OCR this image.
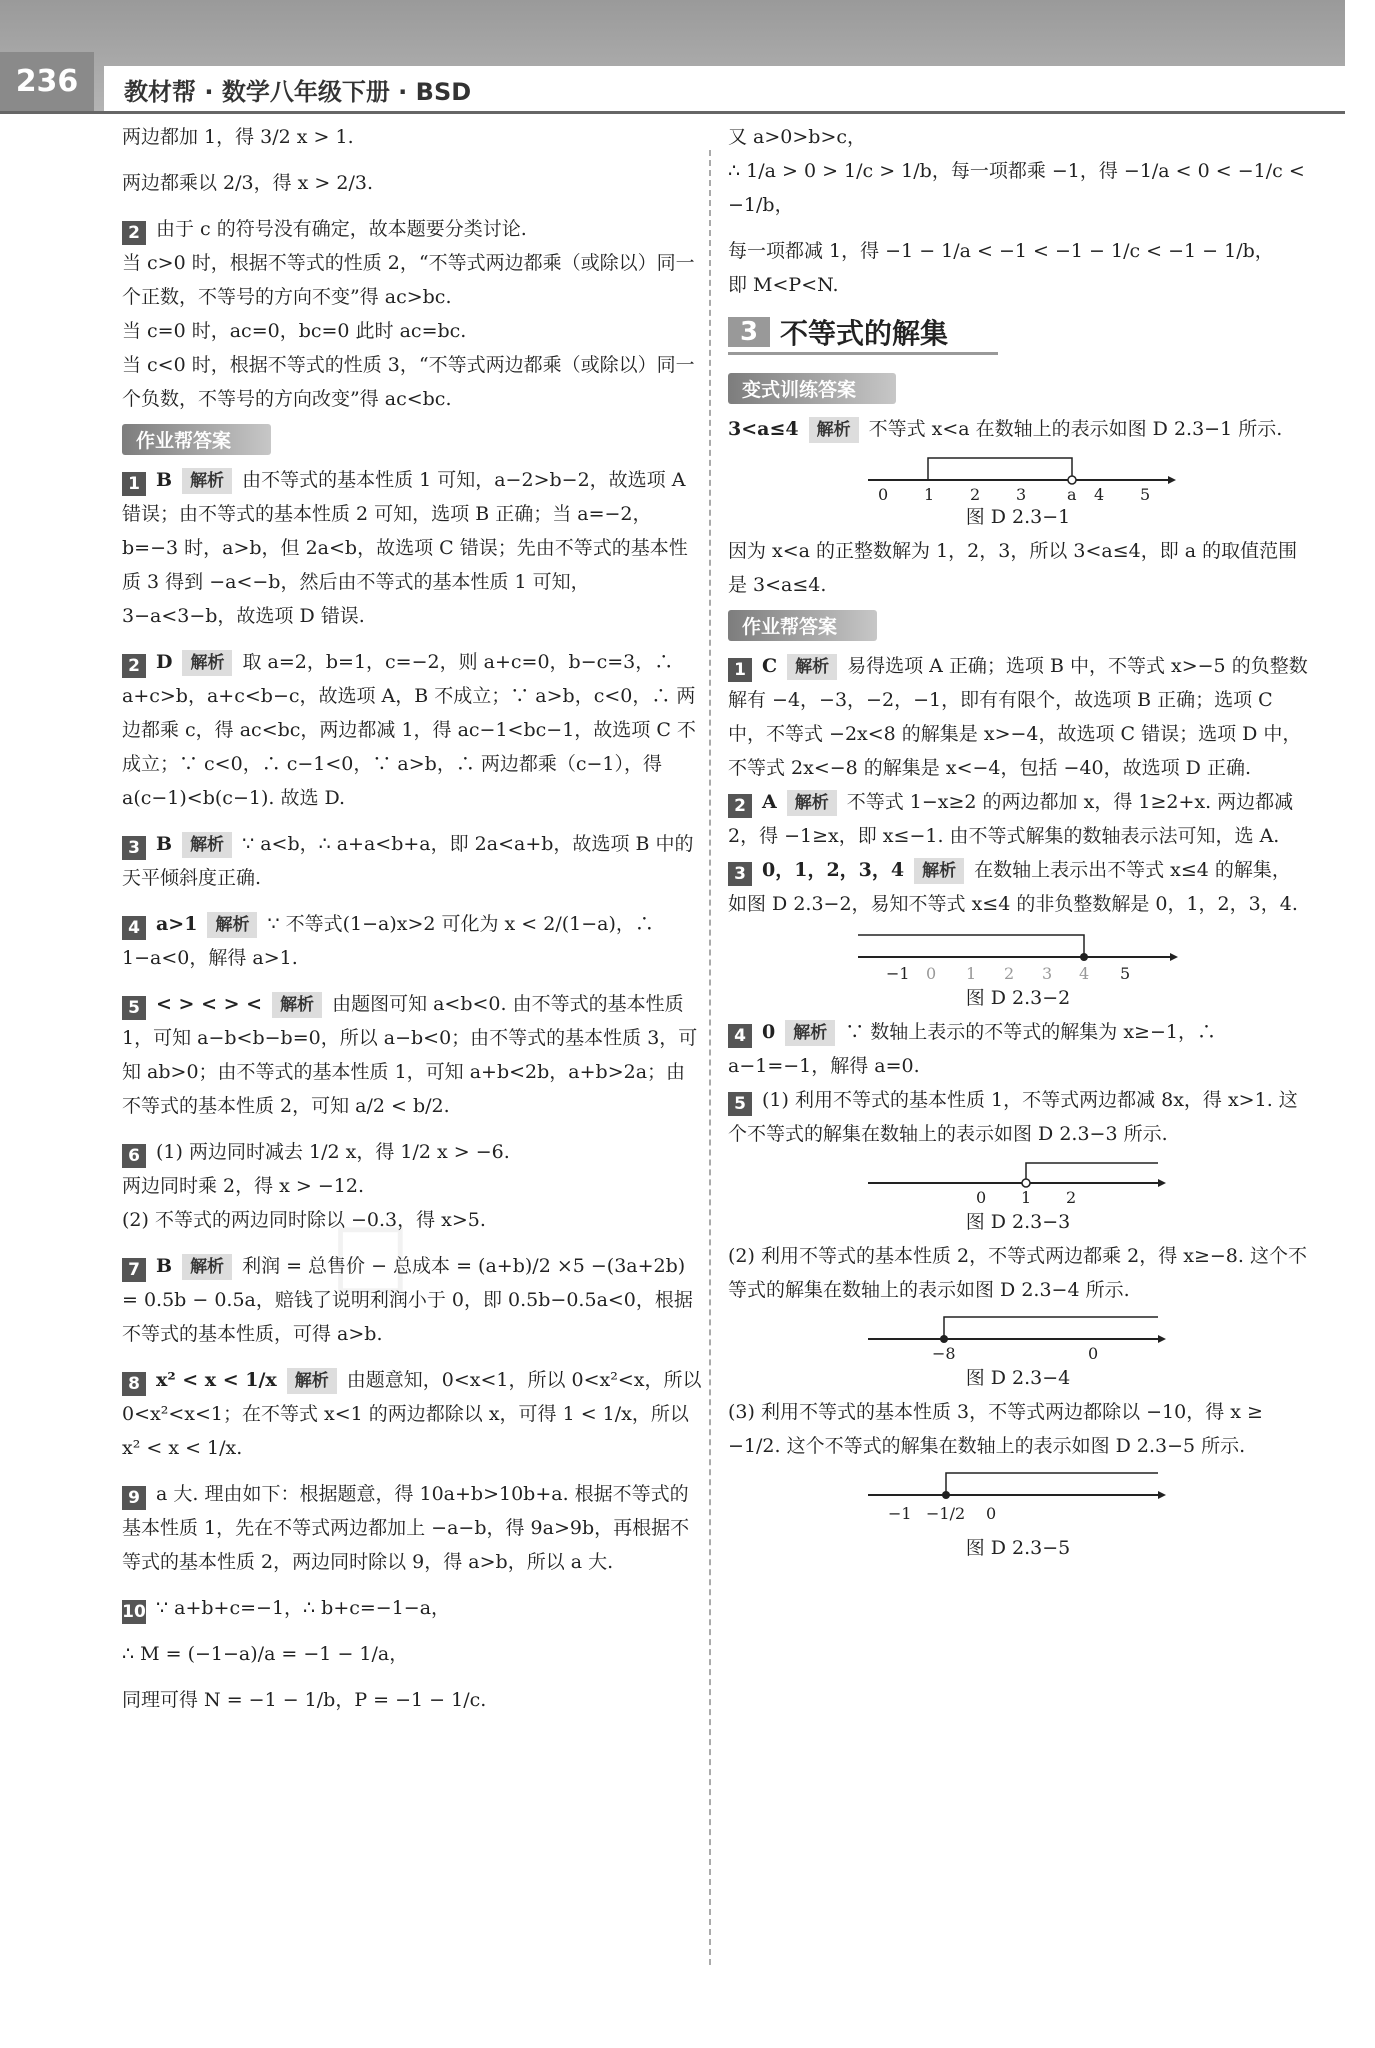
236	教材帮 · 数学八年级下册 · BSD
☐

两边都加 1，得 3/2 x > 1.

两边都乘以 2/3，得 x > 2/3.

2 由于 c 的符号没有确定，故本题要分类讨论.

当 c>0 时，根据不等式的性质 2，“不等式两边都乘（或除以）同一个正数，不等号的方向不变”得 ac>bc.

当 c=0 时，ac=0，bc=0 此时 ac=bc.

当 c<0 时，根据不等式的性质 3，“不等式两边都乘（或除以）同一个负数，不等号的方向改变”得 ac<bc.

作业帮答案

1 B 解析 由不等式的基本性质 1 可知，a−2>b−2，故选项 A 错误；由不等式的基本性质 2 可知，选项 B 正确；当 a=−2，b=−3 时，a>b，但 2a<b，故选项 C 错误；先由不等式的基本性质 3 得到 −a<−b，然后由不等式的基本性质 1 可知，3−a<3−b，故选项 D 错误.

2 D 解析 取 a=2，b=1，c=−2，则 a+c=0，b−c=3，∴ a+c>b，a+c<b−c，故选项 A，B 不成立；∵ a>b，c<0，∴ 两边都乘 c，得 ac<bc，两边都减 1，得 ac−1<bc−1，故选项 C 不成立；∵ c<0，∴ c−1<0，∵ a>b，∴ 两边都乘（c−1），得 a(c−1)<b(c−1). 故选 D.

3 B 解析 ∵ a<b，∴ a+a<b+a，即 2a<a+b，故选项 B 中的天平倾斜度正确.

4 a>1 解析 ∵ 不等式(1−a)x>2 可化为 x < 2/(1−a)，∴ 1−a<0，解得 a>1.

5 < > < > < 解析 由题图可知 a<b<0. 由不等式的基本性质 1，可知 a−b<b−b=0，所以 a−b<0；由不等式的基本性质 3，可知 ab>0；由不等式的基本性质 1，可知 a+b<2b，a+b>2a；由不等式的基本性质 2，可知 a/2 < b/2.

6 (1) 两边同时减去 1/2 x，得 1/2 x > −6.

两边同时乘 2，得 x > −12.

(2) 不等式的两边同时除以 −0.3，得 x>5.

7 B 解析 利润 = 总售价 − 总成本 = (a+b)/2 ×5 −(3a+2b) = 0.5b − 0.5a，赔钱了说明利润小于 0，即 0.5b−0.5a<0，根据不等式的基本性质，可得 a>b.

8 x² < x < 1/x 解析 由题意知，0<x<1，所以 0<x²<x，所以 0<x²<x<1；在不等式 x<1 的两边都除以 x，可得 1 < 1/x，所以 x² < x < 1/x.

9 a 大. 理由如下：根据题意，得 10a+b>10b+a. 根据不等式的基本性质 1，先在不等式两边都加上 −a−b，得 9a>9b，再根据不等式的基本性质 2，两边同时除以 9，得 a>b，所以 a 大.

10 ∵ a+b+c=−1，∴ b+c=−1−a，

∴ M = (−1−a)/a = −1 − 1/a，

同理可得 N = −1 − 1/b，P = −1 − 1/c.

又 a>0>b>c，

∴ 1/a > 0 > 1/c > 1/b，每一项都乘 −1，得 −1/a < 0 < −1/c < −1/b，

每一项都减 1，得 −1 − 1/a < −1 < −1 − 1/c < −1 − 1/b，

即 M<P<N.

3 不等式的解集
变式训练答案

3<a≤4 解析 不等式 x<a 在数轴上的表示如图 D 2.3−1 所示.

0 1 2 3	a 4 5

图 D 2.3−1

因为 x<a 的正整数解为 1，2，3，所以 3<a≤4，即 a 的取值范围是 3<a≤4.

作业帮答案

1 C 解析 易得选项 A 正确；选项 B 中，不等式 x>−5 的负整数解有 −4，−3，−2，−1，即有有限个，故选项 B 正确；选项 C 中，不等式 −2x<8 的解集是 x>−4，故选项 C 错误；选项 D 中，不等式 2x<−8 的解集是 x<−4，包括 −40，故选项 D 正确.

2 A 解析 不等式 1−x≥2 的两边都加 x，得 1≥2+x. 两边都减 2，得 −1≥x，即 x≤−1. 由不等式解集的数轴表示法可知，选 A.

3 0，1，2，3，4 解析 在数轴上表示出不等式 x≤4 的解集，如图 D 2.3−2，易知不等式 x≤4 的非负整数解是 0，1，2，3，4.

−1 0 1 2 3 4 5

图 D 2.3−2

4 0 解析 ∵ 数轴上表示的不等式的解集为 x≥−1，∴ a−1=−1，解得 a=0.

5 (1) 利用不等式的基本性质 1，不等式两边都减 8x，得 x>1. 这个不等式的解集在数轴上的表示如图 D 2.3−3 所示.

0 1 2

图 D 2.3−3

(2) 利用不等式的基本性质 2，不等式两边都乘 2，得 x≥−8. 这个不等式的解集在数轴上的表示如图 D 2.3−4 所示.

−8	0

图 D 2.3−4

(3) 利用不等式的基本性质 3，不等式两边都除以 −10，得 x ≥ −1/2. 这个不等式的解集在数轴上的表示如图 D 2.3−5 所示.

−1 −1/2 0

图 D 2.3−5
